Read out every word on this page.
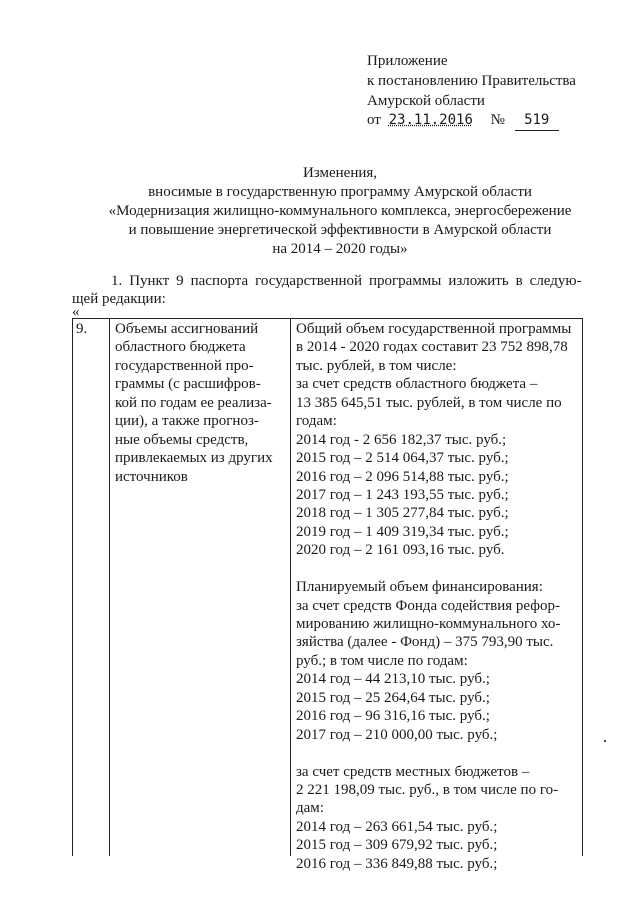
Приложение
к постановлению Правительства
Амурской области
от 23.11.2016 № 519
Изменения,
вносимые в государственную программу Амурской области
«Модернизация жилищно-коммунального комплекса, энергосбережение
и повышение энергетической эффективности в Амурской области
на 2014 – 2020 годы»
1. Пункт 9 паспорта государственной программы изложить в следую-
щей редакции:
«
9. Объемы ассигнований
областного бюджета
государственной про-
граммы (с расшифров-
кой по годам ее реализа-
ции), а также прогноз-
ные объемы средств,
привлекаемых из других
источников
Общий объем государственной программы
в 2014 - 2020 годах составит 23 752 898,78
тыс. рублей, в том числе:
за счет средств областного бюджета –
13 385 645,51 тыс. рублей, в том числе по
годам:
2014 год - 2 656 182,37 тыс. руб.;
2015 год – 2 514 064,37 тыс. руб.;
2016 год – 2 096 514,88 тыс. руб.;
2017 год – 1 243 193,55 тыс. руб.;
2018 год – 1 305 277,84 тыс. руб.;
2019 год – 1 409 319,34 тыс. руб.;
2020 год – 2 161 093,16 тыс. руб.
Планируемый объем финансирования:
за счет средств Фонда содействия рефор-
мированию жилищно-коммунального хо-
зяйства (далее - Фонд) – 375 793,90 тыс.
руб.; в том числе по годам:
2014 год – 44 213,10 тыс. руб.;
2015 год – 25 264,64 тыс. руб.;
2016 год – 96 316,16 тыс. руб.;
2017 год – 210 000,00 тыс. руб.;
за счет средств местных бюджетов –
2 221 198,09 тыс. руб., в том числе по го-
дам:
2014 год – 263 661,54 тыс. руб.;
2015 год – 309 679,92 тыс. руб.;
2016 год – 336 849,88 тыс. руб.;
